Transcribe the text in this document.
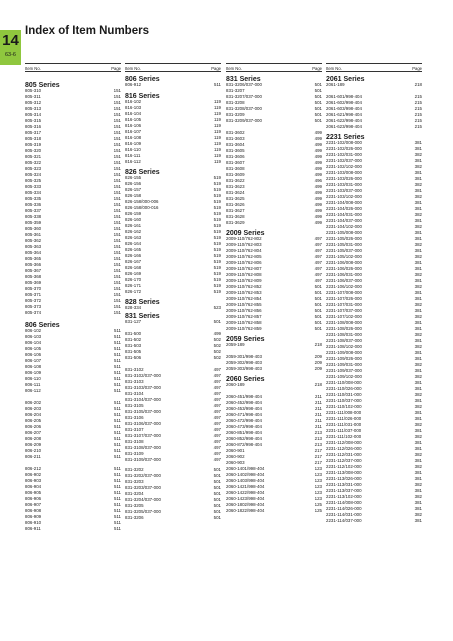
14
63-6
Index of Item Numbers
Item No.	Page Item No.	Page Item No.	Page Item No.	Page
805 Series
805-310	151
805-311	151
805-312	151
805-313	151
805-314	151
805-315	151
805-316	151
805-317	151
805-318	151
805-319	151
805-320	151
805-321	151
805-322	151
805-323	151
805-324	151
805-325	151
805-333	151
805-334	151
805-335	151
805-336	151
805-337	151
805-338	151
805-359	151
805-360	151
805-361	151
805-362	151
805-363	151
805-364	151
805-365	151
805-366	151
805-367	151
805-368	151
805-369	151
805-370	151
805-371	151
805-372	151
805-373	151
805-374	151
806 Series
806-102	511
806-103	511
806-104	511
806-105	511
806-106	511
806-107	511
806-108	511
806-109	511
806-110	511
806-111	511
806-112	511
806-202	511
806-203	511
806-204	511
806-205	511
806-206	511
806-207	511
806-208	511
806-209	511
806-210	511
806-211	511
806-212	511
806-902	511
806-903	511
806-904	511
806-905	511
806-906	511
806-907	511
806-908	511
806-909	511
806-910	511
806-911	511
806 Series
806-912	511
816 Series
816-102	119
816-103	119
816-104	119
816-105	119
816-106	119
816-107	119
816-108	119
816-109	119
816-110	119
816-111	119
816-112	119
826 Series
826-155	519
826-156	519
826-157	519
826-158	519
826-158/000-006	519
826-158/000-016	519
826-159	519
826-160	519
826-161	519
826-162	519
826-163	519
826-164	519
826-165	519
826-166	519
826-167	519
826-168	519
826-169	519
826-170	519
826-171	519
826-172	519
828 Series
828-334	523
831 Series
831-127	501
831-500	499
831-502	502
831-503	502
831-505	502
831-506	502
831-3102	497
831-3102/037-000	497
831-3103	497
831-3103/037-000	497
831-3104	497
831-3104/037-000	497
831-3105	497
831-3105/037-000	497
831-3106	497
831-3106/037-000	497
831-3107	497
831-3107/037-000	497
831-3108	497
831-3108/037-000	497
831-3109	497
831-3109/037-000	497
831-3202	501
831-3202/037-000	501
831-3203	501
831-3203/037-000	501
831-3204	501
831-3204/037-000	501
831-3205	501
831-3205/037-000	501
831-3206	501
831 Series
831-3206/037-000	501
831-3207	501
831-3207/037-000	501
831-3208	501
831-3208/037-000	501
831-3209	501
831-3209/037-000	501
831-3602	499
831-3603	499
831-3604	499
831-3605	499
831-3606	499
831-3607	499
831-3608	499
831-3609	499
831-3622	496
831-3623	499
831-3624	499
831-3625	499
831-3626	499
831-3627	499
831-3628	499
831-3629	499
2009 Series
2009-110/762-802	497
2009-110/762-803	497
2009-110/762-804	497
2009-110/762-805	497
2009-110/762-806	497
2009-110/762-807	497
2009-110/762-808	497
2009-110/762-809	497
2009-110/762-852	501
2009-110/762-853	501
2009-110/762-854	501
2009-110/762-855	501
2009-110/762-856	501
2009-110/762-857	501
2009-110/762-858	501
2009-110/762-859	501
2059 Series
2059-189	218
2059-301/998-403	209
2059-302/998-403	209
2059-303/998-403	209
2060 Series
2060-189	218
2060-451/998-404	211
2060-452/998-404	211
2060-453/998-404	211
2060-471/998-404	211
2060-472/998-404	211
2060-473/998-404	211
2060-851/998-404	213
2060-852/998-404	213
2060-872/998-404	213
2060-901	217
2060-902	217
2060-903	217
2060-1401/998-404	123
2060-1402/998-404	123
2060-1403/998-404	123
2060-1421/998-404	123
2060-1422/998-404	123
2060-1423/998-404	123
2060-1802/998-404	125
2060-1822/998-404	125
2061 Series
2061-189	218
2061-601/998-404	215
2061-602/998-404	215
2061-603/998-404	215
2061-621/998-404	215
2061-622/998-404	215
2061-623/998-404	215
2231 Series
2231-102/008-000	381
2231-102/026-000	381
2231-102/031-000	382
2231-102/037-000	381
2231-102/102-000	382
2231-103/008-000	381
2231-103/026-000	381
2231-103/031-000	382
2231-103/037-000	381
2231-103/102-000	382
2231-104/008-000	381
2231-104/026-000	381
2231-104/031-000	382
2231-104/037-000	381
2231-104/102-000	382
2231-105/008-000	381
2231-105/026-000	381
2231-105/031-000	382
2231-105/037-000	381
2231-105/102-000	382
2231-106/008-000	381
2231-106/026-000	381
2231-106/031-000	382
2231-106/037-000	381
2231-106/102-000	382
2231-107/008-000	381
2231-107/026-000	381
2231-107/031-000	382
2231-107/037-000	381
2231-107/102-000	382
2231-108/008-000	381
2231-108/026-000	381
2231-108/031-000	382
2231-108/037-000	381
2231-108/102-000	382
2231-109/008-000	381
2231-109/026-000	381
2231-109/031-000	382
2231-109/037-000	381
2231-109/102-000	382
2231-110/008-000	381
2231-110/026-000	381
2231-110/031-000	382
2231-110/037-000	381
2231-110/102-000	382
2231-111/008-000	381
2231-111/026-000	381
2231-111/031-000	382
2231-111/037-000	381
2231-111/102-000	382
2231-112/008-000	381
2231-112/026-000	381
2231-112/031-000	382
2231-112/037-000	381
2231-112/102-000	382
2231-113/008-000	381
2231-113/026-000	381
2231-113/031-000	382
2231-113/037-000	381
2231-113/102-000	382
2231-114/008-000	381
2231-114/026-000	381
2231-114/031-000	382
2231-114/037-000	381
